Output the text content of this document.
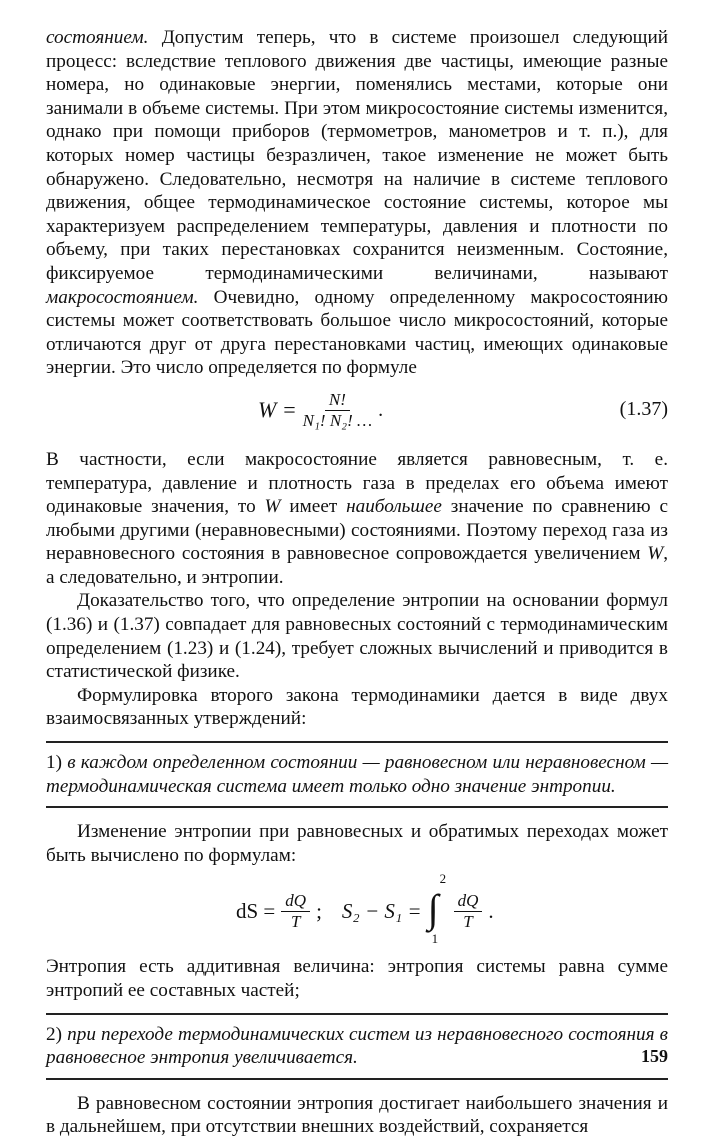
состоянием. Допустим теперь, что в системе произошел следующий процесс: вследствие теплового движения две частицы, имеющие разные номера, но одинаковые энергии, поменялись местами, которые они занимали в объеме системы. При этом микросостояние системы изменится, однако при помощи приборов (термометров, манометров и т. п.), для которых номер частицы безразличен, такое изменение не может быть обнаружено. Следовательно, несмотря на наличие в системе теплового движения, общее термодинамическое состояние системы, которое мы характеризуем распределением температуры, давления и плотности по объему, при таких перестановках сохранится неизменным. Состояние, фиксируемое термодинамическими величинами, называют макросостоянием. Очевидно, одному определенному макросостоянию системы может соответствовать большое число микросостояний, которые отличаются друг от друга перестановками частиц, имеющих одинаковые энергии. Это число определяется по формуле

$W = \frac{N!}{\text{N₁! N₂! …}}$ .	(1.37)

В частности, если макросостояние является равновесным, т. е. температура, давление и плотность газа в пределах его объема имеют одинаковые значения, то W имеет наибольшее значение по сравнению с любыми другими (неравновесными) состояниями. Поэтому переход газа из неравновесного состояния в равновесное сопровождается увеличением W, а следовательно, и энтропии.

Доказательство того, что определение энтропии на основании формул (1.36) и (1.37) совпадает для равновесных состояний с термодинамическим определением (1.23) и (1.24), требует сложных вычислений и приводится в статистической физике.

Формулировка второго закона термодинамики дается в виде двух взаимосвязанных утверждений:

1) в каждом определенном состоянии — равновесном или неравновесном — термодинамическая система имеет только одно значение энтропии.

Изменение энтропии при равновесных и обратимых переходах может быть вычислено по формулам:

dS = $\frac{dQ}{T}$ ; S₂ − S₁ = ∫
2
1
$\frac{dQ}{T}$ .

Энтропия есть аддитивная величина: энтропия системы равна сумме энтропий ее составных частей;

2) при переходе термодинамических систем из неравновесного состояния в равновесное энтропия увеличивается.

В равновесном состоянии энтропия достигает наибольшего значения и в дальнейшем, при отсутствии внешних воздействий, сохраняется

159
